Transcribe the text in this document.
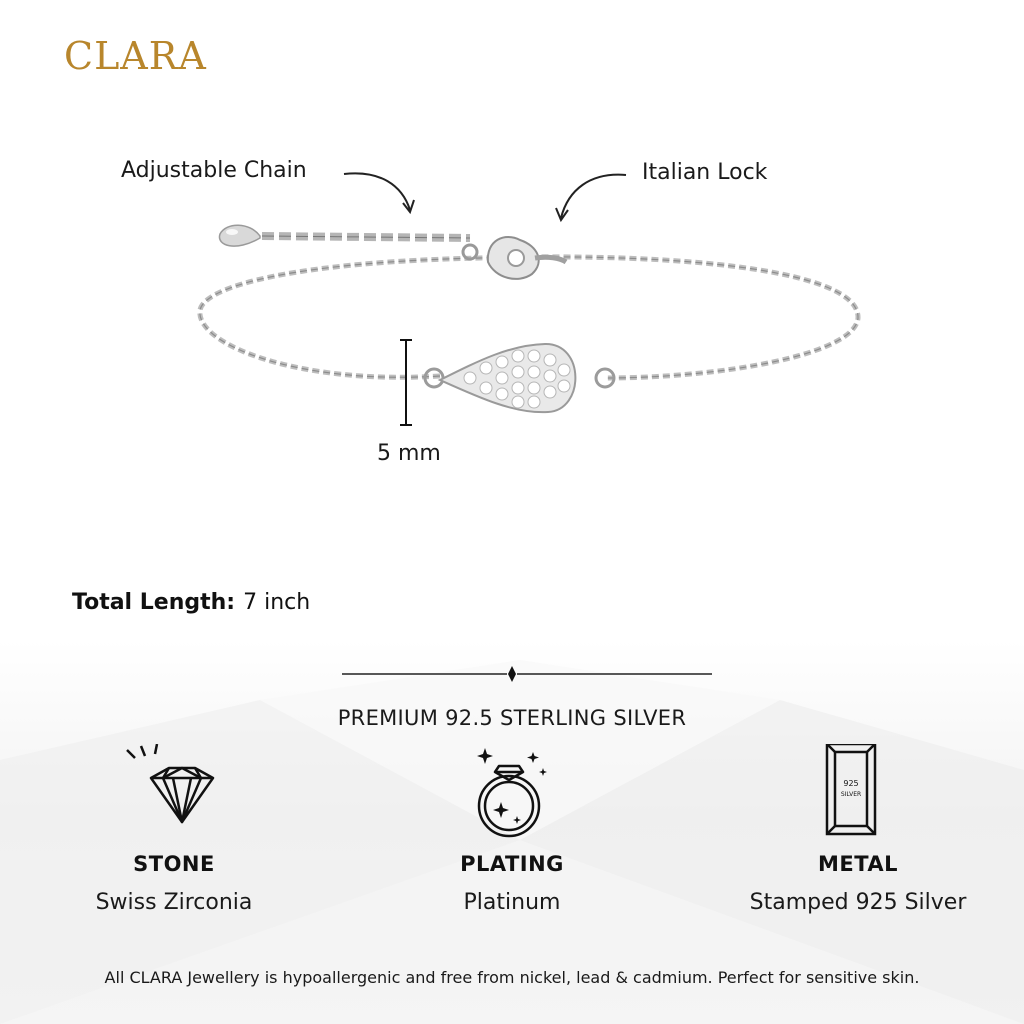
CLARA
Adjustable Chain	Italian Lock
5 mm
Total Length: 7 inch
PREMIUM 92.5 STERLING SILVER
STONE
Swiss Zirconia
PLATING
Platinum
925
SILVER
METAL
Stamped 925 Silver
All CLARA Jewellery is hypoallergenic and free from nickel, lead & cadmium. Perfect for sensitive skin.
